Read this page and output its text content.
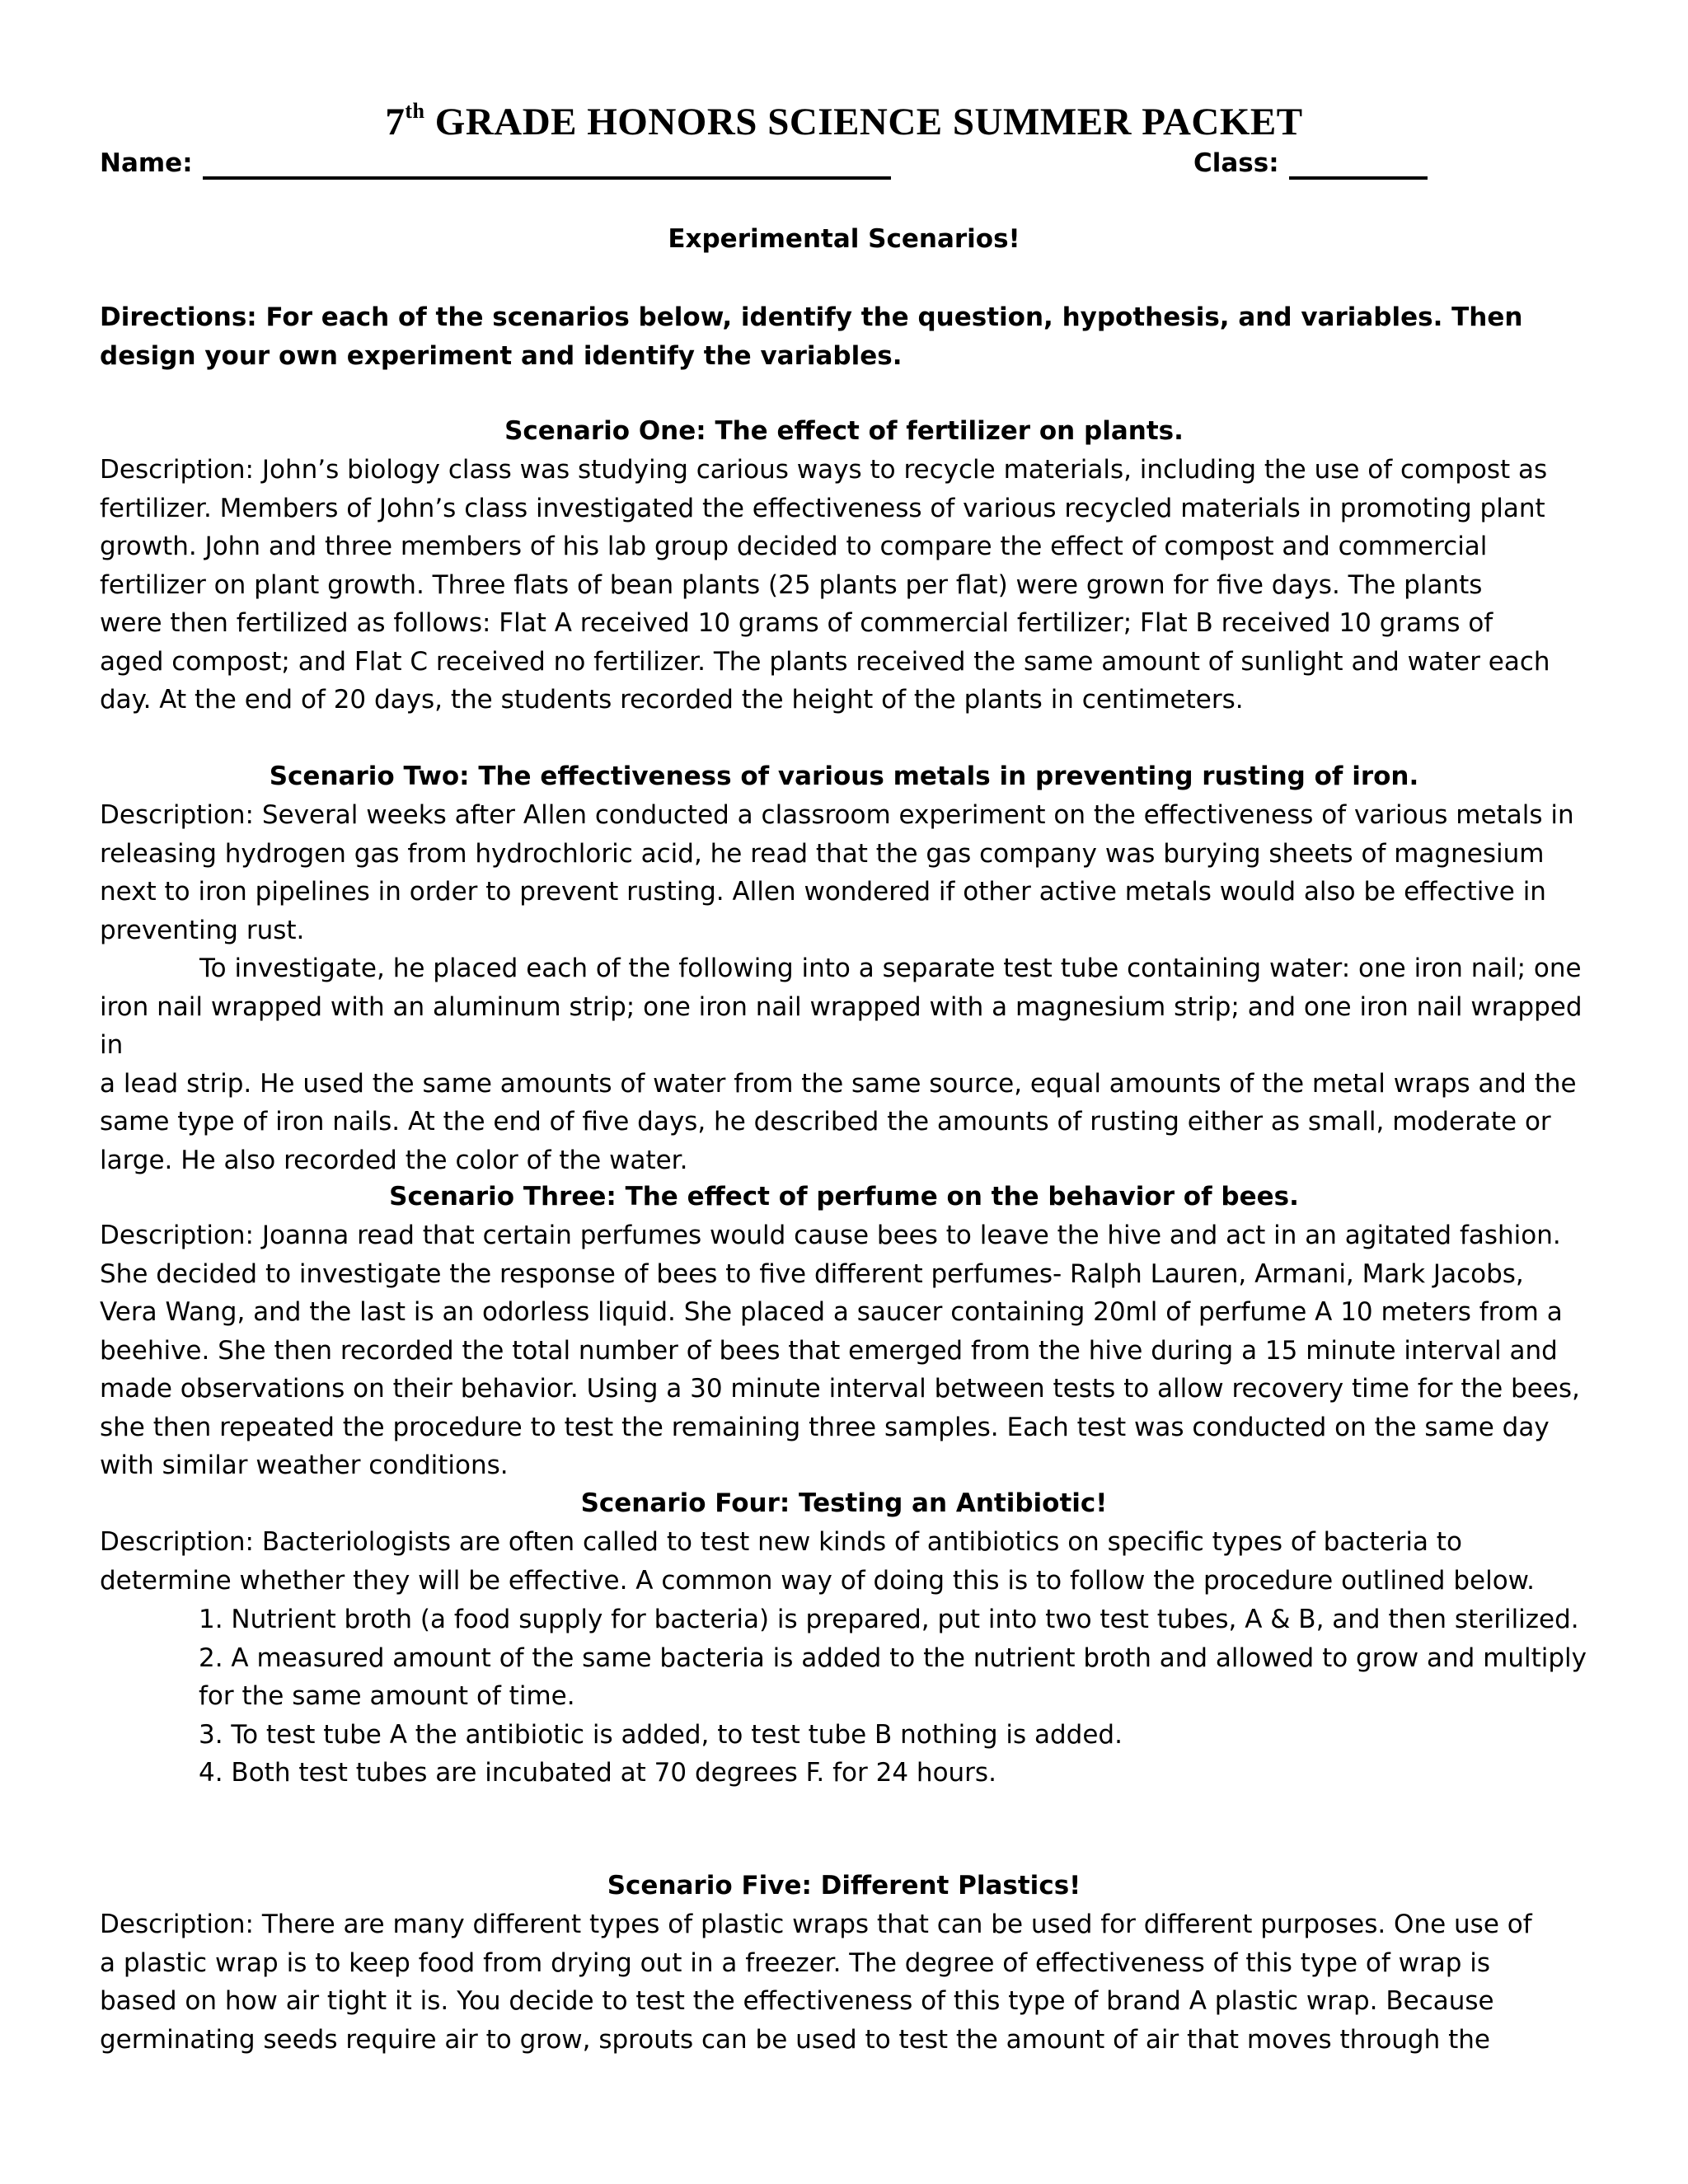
7th GRADE HONORS SCIENCE SUMMER PACKET
Name:	Class:
Experimental Scenarios!
Directions: For each of the scenarios below, identify the question, hypothesis, and variables. Then design your own experiment and identify the variables.
Scenario One: The effect of fertilizer on plants.
Description: John’s biology class was studying carious ways to recycle materials, including the use of compost as
fertilizer. Members of John’s class investigated the effectiveness of various recycled materials in promoting plant
growth. John and three members of his lab group decided to compare the effect of compost and commercial
fertilizer on plant growth. Three flats of bean plants (25 plants per flat) were grown for five days. The plants
were then fertilized as follows: Flat A received 10 grams of commercial fertilizer; Flat B received 10 grams of
aged compost; and Flat C received no fertilizer. The plants received the same amount of sunlight and water each
day. At the end of 20 days, the students recorded the height of the plants in centimeters.
Scenario Two: The effectiveness of various metals in preventing rusting of iron.
Description: Several weeks after Allen conducted a classroom experiment on the effectiveness of various metals in
releasing hydrogen gas from hydrochloric acid, he read that the gas company was burying sheets of magnesium
next to iron pipelines in order to prevent rusting. Allen wondered if other active metals would also be effective in
preventing rust.
To investigate, he placed each of the following into a separate test tube containing water: one iron nail; one
iron nail wrapped with an aluminum strip; one iron nail wrapped with a magnesium strip; and one iron nail wrapped in
a lead strip. He used the same amounts of water from the same source, equal amounts of the metal wraps and the
same type of iron nails. At the end of five days, he described the amounts of rusting either as small, moderate or
large. He also recorded the color of the water.
Scenario Three: The effect of perfume on the behavior of bees.
Description: Joanna read that certain perfumes would cause bees to leave the hive and act in an agitated fashion.
She decided to investigate the response of bees to five different perfumes- Ralph Lauren, Armani, Mark Jacobs,
Vera Wang, and the last is an odorless liquid. She placed a saucer containing 20ml of perfume A 10 meters from a
beehive. She then recorded the total number of bees that emerged from the hive during a 15 minute interval and
made observations on their behavior. Using a 30 minute interval between tests to allow recovery time for the bees,
she then repeated the procedure to test the remaining three samples. Each test was conducted on the same day
with similar weather conditions.
Scenario Four: Testing an Antibiotic!
Description: Bacteriologists are often called to test new kinds of antibiotics on specific types of bacteria to
determine whether they will be effective. A common way of doing this is to follow the procedure outlined below.

1. Nutrient broth (a food supply for bacteria) is prepared, put into two test tubes, A & B, and then sterilized.

2. A measured amount of the same bacteria is added to the nutrient broth and allowed to grow and multiply for the same amount of time.

3. To test tube A the antibiotic is added, to test tube B nothing is added.

4. Both test tubes are incubated at 70 degrees F. for 24 hours.

Scenario Five: Different Plastics!
Description: There are many different types of plastic wraps that can be used for different purposes. One use of
a plastic wrap is to keep food from drying out in a freezer. The degree of effectiveness of this type of wrap is
based on how air tight it is. You decide to test the effectiveness of this type of brand A plastic wrap. Because
germinating seeds require air to grow, sprouts can be used to test the amount of air that moves through the
